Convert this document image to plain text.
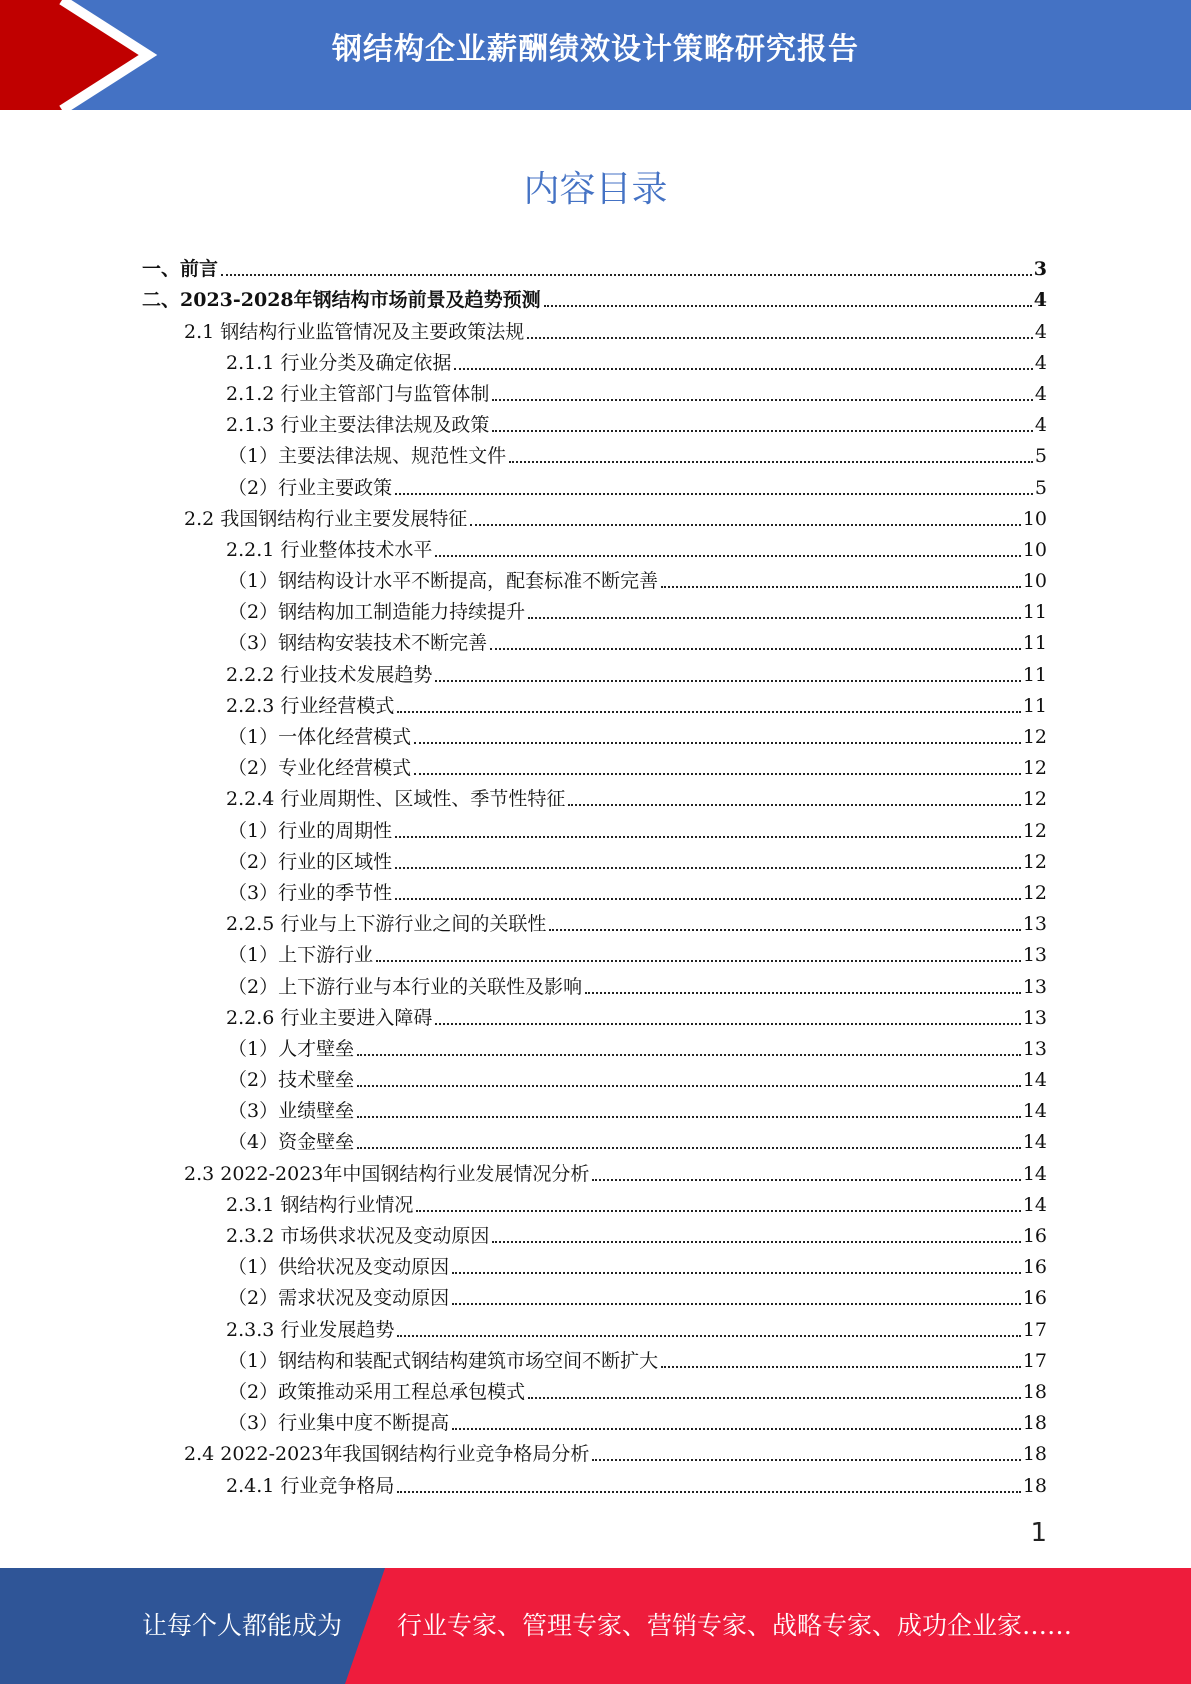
钢结构企业薪酬绩效设计策略研究报告
内容目录
一、前言	3
二、2023-2028年钢结构市场前景及趋势预测	4
2.1 钢结构行业监管情况及主要政策法规	4
2.1.1 行业分类及确定依据	4
2.1.2 行业主管部门与监管体制	4
2.1.3 行业主要法律法规及政策	4
（1）主要法律法规、规范性文件	5
（2）行业主要政策	5
2.2 我国钢结构行业主要发展特征	10
2.2.1 行业整体技术水平	10
（1）钢结构设计水平不断提高，配套标准不断完善	10
（2）钢结构加工制造能力持续提升	11
（3）钢结构安装技术不断完善	11
2.2.2 行业技术发展趋势	11
2.2.3 行业经营模式	11
（1）一体化经营模式	12
（2）专业化经营模式	12
2.2.4 行业周期性、区域性、季节性特征	12
（1）行业的周期性	12
（2）行业的区域性	12
（3）行业的季节性	12
2.2.5 行业与上下游行业之间的关联性	13
（1）上下游行业	13
（2）上下游行业与本行业的关联性及影响	13
2.2.6 行业主要进入障碍	13
（1）人才壁垒	13
（2）技术壁垒	14
（3）业绩壁垒	14
（4）资金壁垒	14
2.3 2022-2023年中国钢结构行业发展情况分析	14
2.3.1 钢结构行业情况	14
2.3.2 市场供求状况及变动原因	16
（1）供给状况及变动原因	16
（2）需求状况及变动原因	16
2.3.3 行业发展趋势	17
（1）钢结构和装配式钢结构建筑市场空间不断扩大	17
（2）政策推动采用工程总承包模式	18
（3）行业集中度不断提高	18
2.4 2022-2023年我国钢结构行业竞争格局分析	18
2.4.1 行业竞争格局	18
1
让每个人都能成为 行业专家、管理专家、营销专家、战略专家、成功企业家……
